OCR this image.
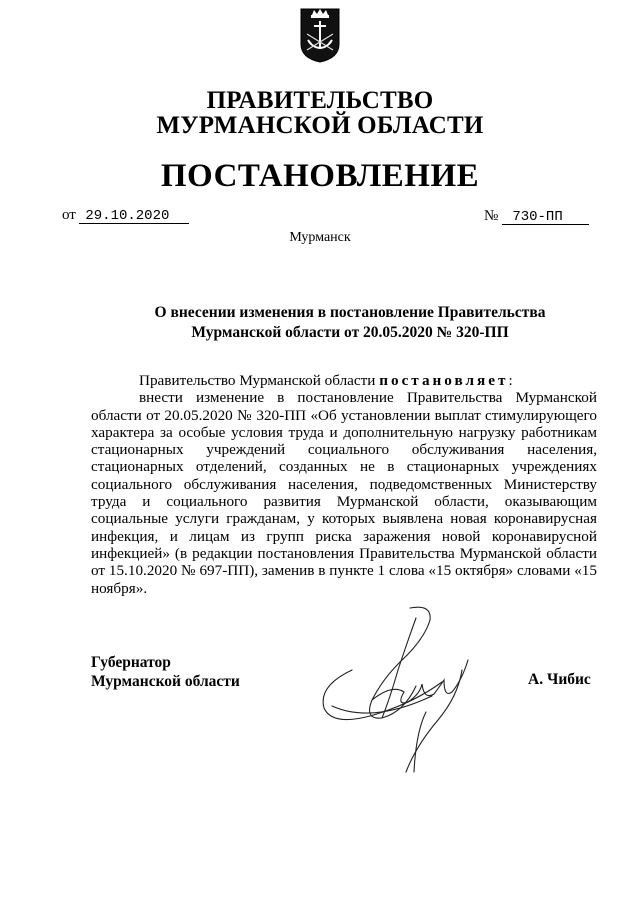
ПРАВИТЕЛЬСТВО
МУРМАНСКОЙ ОБЛАСТИ
ПОСТАНОВЛЕНИЕ
от 29.10.2020	№ 730-ПП
Мурманск
О внесении изменения в постановление Правительства
Мурманской области от 20.05.2020 № 320-ПП

Правительство Мурманской области постановляет:

внести изменение в постановление Правительства Мурманской области от 20.05.2020 № 320-ПП «Об установлении выплат стимулирующего характера за особые условия труда и дополнительную нагрузку работникам стационарных учреждений социального обслуживания населения, стационарных отделений, созданных не в стационарных учреждениях социального обслуживания населения, подведомственных Министерству труда и социального развития Мурманской области, оказывающим социальные услуги гражданам, у которых выявлена новая коронавирусная инфекция, и лицам из групп риска заражения новой коронавирусной инфекцией» (в редакции постановления Правительства Мурманской области от 15.10.2020 № 697-ПП), заменив в пункте 1 слова «15 октября» словами «15 ноября».

Губернатор
Мурманской области	А. Чибис
